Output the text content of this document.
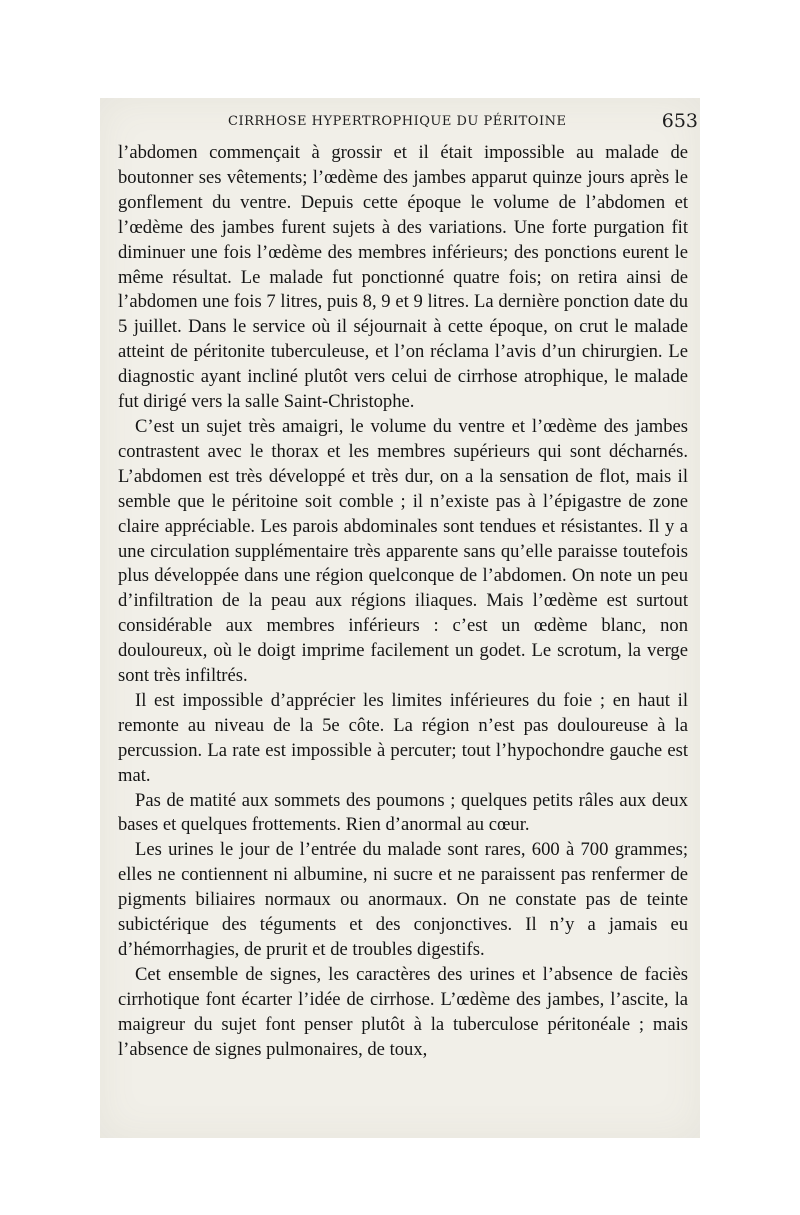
CIRRHOSE HYPERTROPHIQUE DU PÉRITOINE	653

l’abdomen commençait à grossir et il était impossible au malade de boutonner ses vêtements; l’œdème des jambes apparut quinze jours après le gonflement du ventre. Depuis cette époque le volume de l’abdomen et l’œdème des jambes furent sujets à des variations. Une forte purgation fit diminuer une fois l’œdème des membres inférieurs; des ponctions eurent le même résultat. Le malade fut ponctionné quatre fois; on retira ainsi de l’abdomen une fois 7 litres, puis 8, 9 et 9 litres. La dernière ponction date du 5 juillet. Dans le service où il séjournait à cette époque, on crut le malade atteint de péritonite tuberculeuse, et l’on réclama l’avis d’un chirurgien. Le diagnostic ayant incliné plutôt vers celui de cirrhose atrophique, le malade fut dirigé vers la salle Saint-Christophe.

C’est un sujet très amaigri, le volume du ventre et l’œdème des jambes contrastent avec le thorax et les membres supérieurs qui sont décharnés. L’abdomen est très développé et très dur, on a la sensation de flot, mais il semble que le péritoine soit comble ; il n’existe pas à l’épigastre de zone claire appréciable. Les parois abdominales sont tendues et résistantes. Il y a une circulation supplémentaire très apparente sans qu’elle paraisse toutefois plus développée dans une région quelconque de l’abdomen. On note un peu d’infiltration de la peau aux régions iliaques. Mais l’œdème est surtout considérable aux membres inférieurs : c’est un œdème blanc, non douloureux, où le doigt imprime facilement un godet. Le scrotum, la verge sont très infiltrés.

Il est impossible d’apprécier les limites inférieures du foie ; en haut il remonte au niveau de la 5e côte. La région n’est pas douloureuse à la percussion. La rate est impossible à percuter; tout l’hypochondre gauche est mat.

Pas de matité aux sommets des poumons ; quelques petits râles aux deux bases et quelques frottements. Rien d’anormal au cœur.

Les urines le jour de l’entrée du malade sont rares, 600 à 700 grammes; elles ne contiennent ni albumine, ni sucre et ne paraissent pas renfermer de pigments biliaires normaux ou anormaux. On ne constate pas de teinte subictérique des téguments et des conjonctives. Il n’y a jamais eu d’hémorrhagies, de prurit et de troubles digestifs.

Cet ensemble de signes, les caractères des urines et l’absence de faciès cirrhotique font écarter l’idée de cirrhose. L’œdème des jambes, l’ascite, la maigreur du sujet font penser plutôt à la tuberculose péritonéale ; mais l’absence de signes pulmonaires, de toux,
